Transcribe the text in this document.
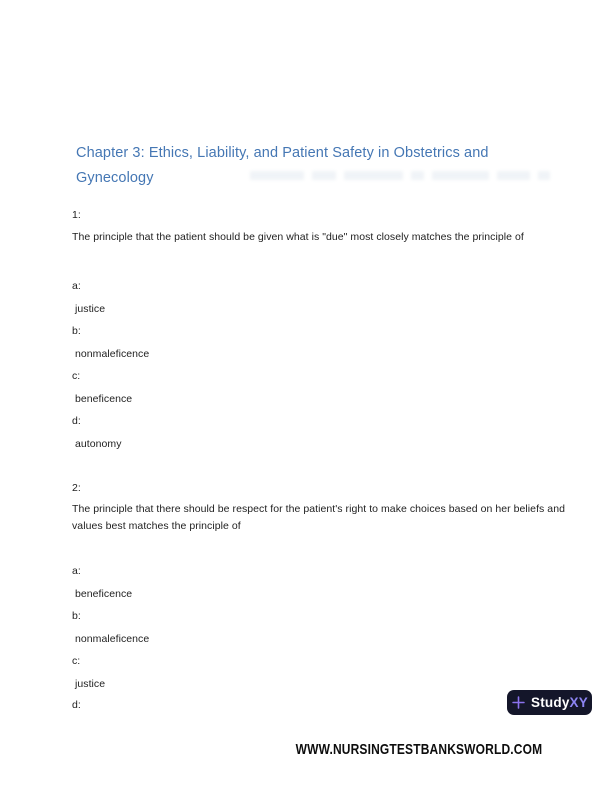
Chapter 3: Ethics, Liability, and Patient Safety in Obstetrics and Gynecology
1:
The principle that the patient should be given what is "due" most closely matches the principle of
a:
justice
b:
nonmaleficence
c:
beneficence
d:
autonomy
2:
The principle that there should be respect for the patient's right to make choices based on her beliefs and values best matches the principle of
a:
beneficence
b:
nonmaleficence
c:
justice
d:	StudyXY
WWW.NURSINGTESTBANKSWORLD.COM
